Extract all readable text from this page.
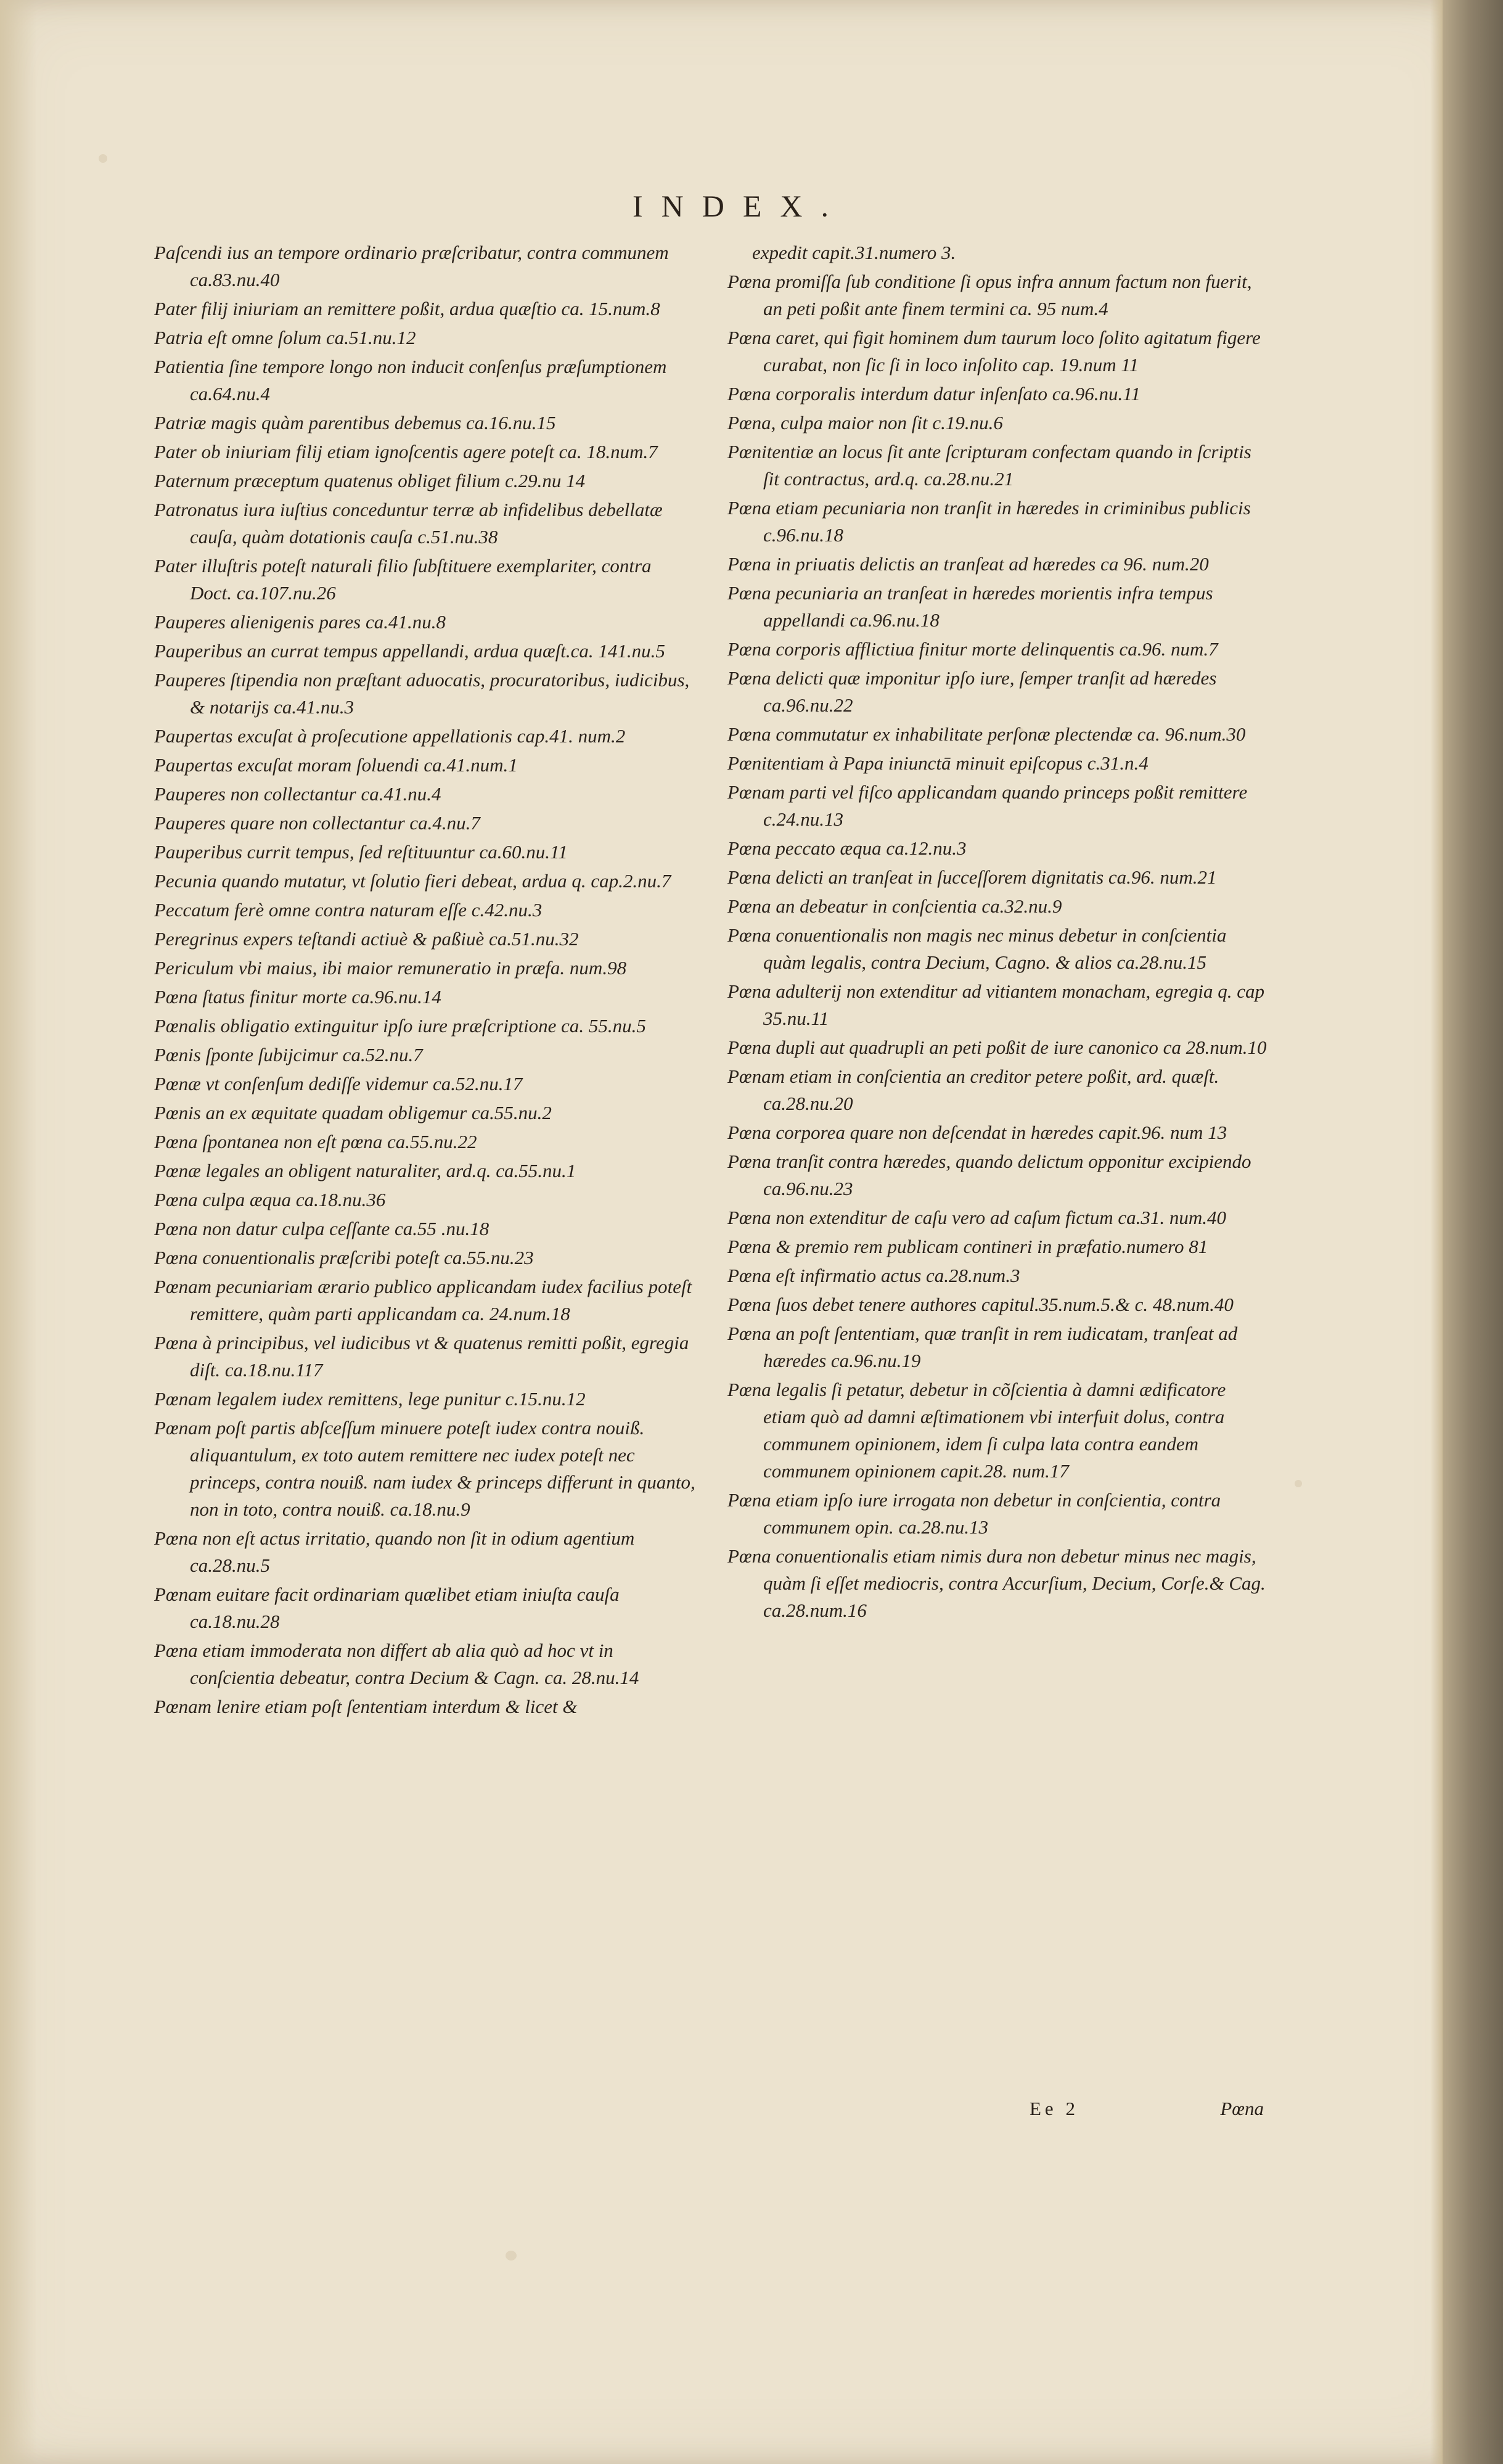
INDEX.
Paſcendi ius an tempore ordinario præſcribatur, contra communem ca.83.nu.40
Pater filij iniuriam an remittere poßit, ardua quæſtio ca. 15.num.8
Patria eſt omne ſolum ca.51.nu.12
Patientia ſine tempore longo non inducit conſenſus præſumptionem ca.64.nu.4
Patriæ magis quàm parentibus debemus ca.16.nu.15
Pater ob iniuriam filij etiam ignoſcentis agere poteſt ca. 18.num.7
Paternum præceptum quatenus obliget filium c.29.nu 14
Patronatus iura iuſtius conceduntur terræ ab infidelibus debellatæ cauſa, quàm dotationis cauſa c.51.nu.38
Pater illuſtris poteſt naturali filio ſubſtituere exemplariter, contra Doct. ca.107.nu.26
Pauperes alienigenis pares ca.41.nu.8
Pauperibus an currat tempus appellandi, ardua quæſt.ca. 141.nu.5
Pauperes ſtipendia non præſtant aduocatis, procuratoribus, iudicibus, & notarijs ca.41.nu.3
Paupertas excuſat à proſecutione appellationis cap.41. num.2
Paupertas excuſat moram ſoluendi ca.41.num.1
Pauperes non collectantur ca.41.nu.4
Pauperes quare non collectantur ca.4.nu.7
Pauperibus currit tempus, ſed reſtituuntur ca.60.nu.11
Pecunia quando mutatur, vt ſolutio fieri debeat, ardua q. cap.2.nu.7
Peccatum ferè omne contra naturam eſſe c.42.nu.3
Peregrinus expers teſtandi actiuè & paßiuè ca.51.nu.32
Periculum vbi maius, ibi maior remuneratio in præfa. num.98
Pœna ſtatus finitur morte ca.96.nu.14
Pœnalis obligatio extinguitur ipſo iure præſcriptione ca. 55.nu.5
Pœnis ſponte ſubijcimur ca.52.nu.7
Pœnæ vt conſenſum dediſſe videmur ca.52.nu.17
Pœnis an ex æquitate quadam obligemur ca.55.nu.2
Pœna ſpontanea non eſt pœna ca.55.nu.22
Pœnæ legales an obligent naturaliter, ard.q. ca.55.nu.1
Pœna culpa æqua ca.18.nu.36
Pœna non datur culpa ceſſante ca.55 .nu.18
Pœna conuentionalis præſcribi poteſt ca.55.nu.23
Pœnam pecuniariam ærario publico applicandam iudex facilius poteſt remittere, quàm parti applicandam ca. 24.num.18
Pœna à principibus, vel iudicibus vt & quatenus remitti poßit, egregia diſt. ca.18.nu.117
Pœnam legalem iudex remittens, lege punitur c.15.nu.12
Pœnam poſt partis abſceſſum minuere poteſt iudex contra nouiß. aliquantulum, ex toto autem remittere nec iudex poteſt nec princeps, contra nouiß. nam iudex & princeps differunt in quanto, non in toto, contra nouiß. ca.18.nu.9
Pœna non eſt actus irritatio, quando non ſit in odium agentium ca.28.nu.5
Pœnam euitare facit ordinariam quælibet etiam iniuſta cauſa ca.18.nu.28
Pœna etiam immoderata non differt ab alia quò ad hoc vt in conſcientia debeatur, contra Decium & Cagn. ca. 28.nu.14
Pœnam lenire etiam poſt ſententiam interdum & licet &
expedit capit.31.numero 3.
Pœna promiſſa ſub conditione ſi opus infra annum factum non fuerit, an peti poßit ante finem termini ca. 95 num.4
Pœna caret, qui figit hominem dum taurum loco ſolito agitatum figere curabat, non ſic ſi in loco inſolito cap. 19.num 11
Pœna corporalis interdum datur inſenſato ca.96.nu.11
Pœna, culpa maior non ſit c.19.nu.6
Pœnitentiæ an locus ſit ante ſcripturam confectam quando in ſcriptis ſit contractus, ard.q. ca.28.nu.21
Pœna etiam pecuniaria non tranſit in hæredes in criminibus publicis c.96.nu.18
Pœna in priuatis delictis an tranſeat ad hæredes ca 96. num.20
Pœna pecuniaria an tranſeat in hæredes morientis infra tempus appellandi ca.96.nu.18
Pœna corporis afflictiua finitur morte delinquentis ca.96. num.7
Pœna delicti quæ imponitur ipſo iure, ſemper tranſit ad hæredes ca.96.nu.22
Pœna commutatur ex inhabilitate perſonæ plectendæ ca. 96.num.30
Pœnitentiam à Papa iniunctā minuit epiſcopus c.31.n.4
Pœnam parti vel fiſco applicandam quando princeps poßit remittere c.24.nu.13
Pœna peccato æqua ca.12.nu.3
Pœna delicti an tranſeat in ſucceſſorem dignitatis ca.96. num.21
Pœna an debeatur in conſcientia ca.32.nu.9
Pœna conuentionalis non magis nec minus debetur in conſcientia quàm legalis, contra Decium, Cagno. & alios ca.28.nu.15
Pœna adulterij non extenditur ad vitiantem monacham, egregia q. cap 35.nu.11
Pœna dupli aut quadrupli an peti poßit de iure canonico ca 28.num.10
Pœnam etiam in conſcientia an creditor petere poßit, ard. quæſt. ca.28.nu.20
Pœna corporea quare non deſcendat in hæredes capit.96. num 13
Pœna tranſit contra hæredes, quando delictum opponitur excipiendo ca.96.nu.23
Pœna non extenditur de caſu vero ad caſum fictum ca.31. num.40
Pœna & premio rem publicam contineri in præfatio.numero 81
Pœna eſt infirmatio actus ca.28.num.3
Pœna ſuos debet tenere authores capitul.35.num.5.& c. 48.num.40
Pœna an poſt ſententiam, quæ tranſit in rem iudicatam, tranſeat ad hæredes ca.96.nu.19
Pœna legalis ſi petatur, debetur in cõſcientia à damni ædificatore etiam quò ad damni æſtimationem vbi interfuit dolus, contra communem opinionem, idem ſi culpa lata contra eandem communem opinionem capit.28. num.17
Pœna etiam ipſo iure irrogata non debetur in conſcientia, contra communem opin. ca.28.nu.13
Pœna conuentionalis etiam nimis dura non debetur minus nec magis, quàm ſi eſſet mediocris, contra Accurſium, Decium, Corſe.& Cag. ca.28.num.16
Ee 2	Pœna
